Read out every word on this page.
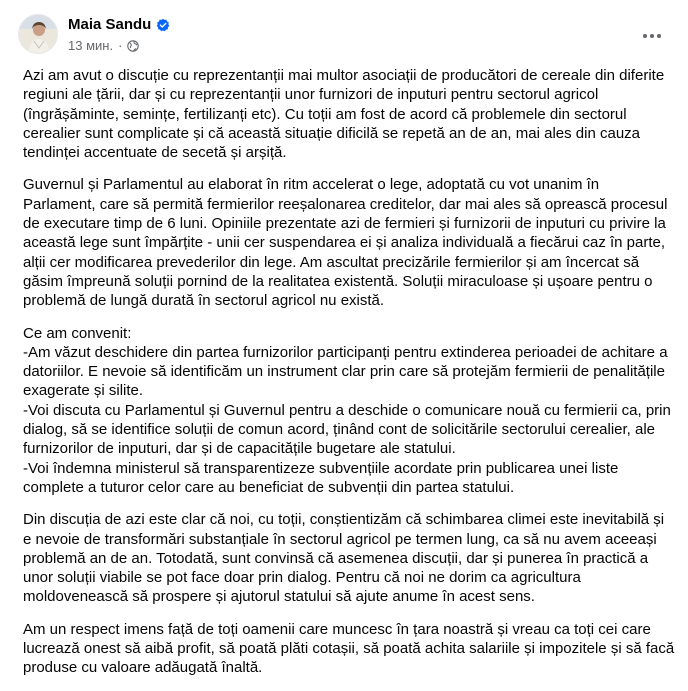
Maia Sandu
13 мин. ·

Azi am avut o discuție cu reprezentanții mai multor asociații de producători de cereale din diferite regiuni ale țării, dar și cu reprezentanții unor furnizori de inputuri pentru sectorul agricol (îngrășăminte, semințe, fertilizanți etc). Cu toții am fost de acord că problemele din sectorul cerealier sunt complicate și că această situație dificilă se repetă an de an, mai ales din cauza tendinței accentuate de secetă și arșiță.

Guvernul și Parlamentul au elaborat în ritm accelerat o lege, adoptată cu vot unanim în Parlament, care să permită fermierilor reeșalonarea creditelor, dar mai ales să oprească procesul de executare timp de 6 luni. Opiniile prezentate azi de fermieri și furnizorii de inputuri cu privire la această lege sunt împărțite - unii cer suspendarea ei și analiza individuală a fiecărui caz în parte, alții cer modificarea prevederilor din lege. Am ascultat precizările fermierilor și am încercat să găsim împreună soluții pornind de la realitatea existentă. Soluții miraculoase și ușoare pentru o problemă de lungă durată în sectorul agricol nu există.

Ce am convenit:
-Am văzut deschidere din partea furnizorilor participanți pentru extinderea perioadei de achitare a datoriilor. E nevoie să identificăm un instrument clar prin care să protejăm fermierii de penalitățile exagerate și silite.
-Voi discuta cu Parlamentul și Guvernul pentru a deschide o comunicare nouă cu fermierii ca, prin dialog, să se identifice soluții de comun acord, ținând cont de solicitările sectorului cerealier, ale furnizorilor de inputuri, dar și de capacitățile bugetare ale statului.
-Voi îndemna ministerul să transparentizeze subvențiile acordate prin publicarea unei liste complete a tuturor celor care au beneficiat de subvenții din partea statului.

Din discuția de azi este clar că noi, cu toții, conștientizăm că schimbarea climei este inevitabilă și e nevoie de transformări substanțiale în sectorul agricol pe termen lung, ca să nu avem aceeași problemă an de an. Totodată, sunt convinsă că asemenea discuții, dar și punerea în practică a unor soluții viabile se pot face doar prin dialog. Pentru că noi ne dorim ca agricultura moldovenească să prospere și ajutorul statului să ajute anume în acest sens.

Am un respect imens față de toți oamenii care muncesc în țara noastră și vreau ca toți cei care lucrează onest să aibă profit, să poată plăti cotașii, să poată achita salariile și impozitele și să facă produse cu valoare adăugată înaltă.
